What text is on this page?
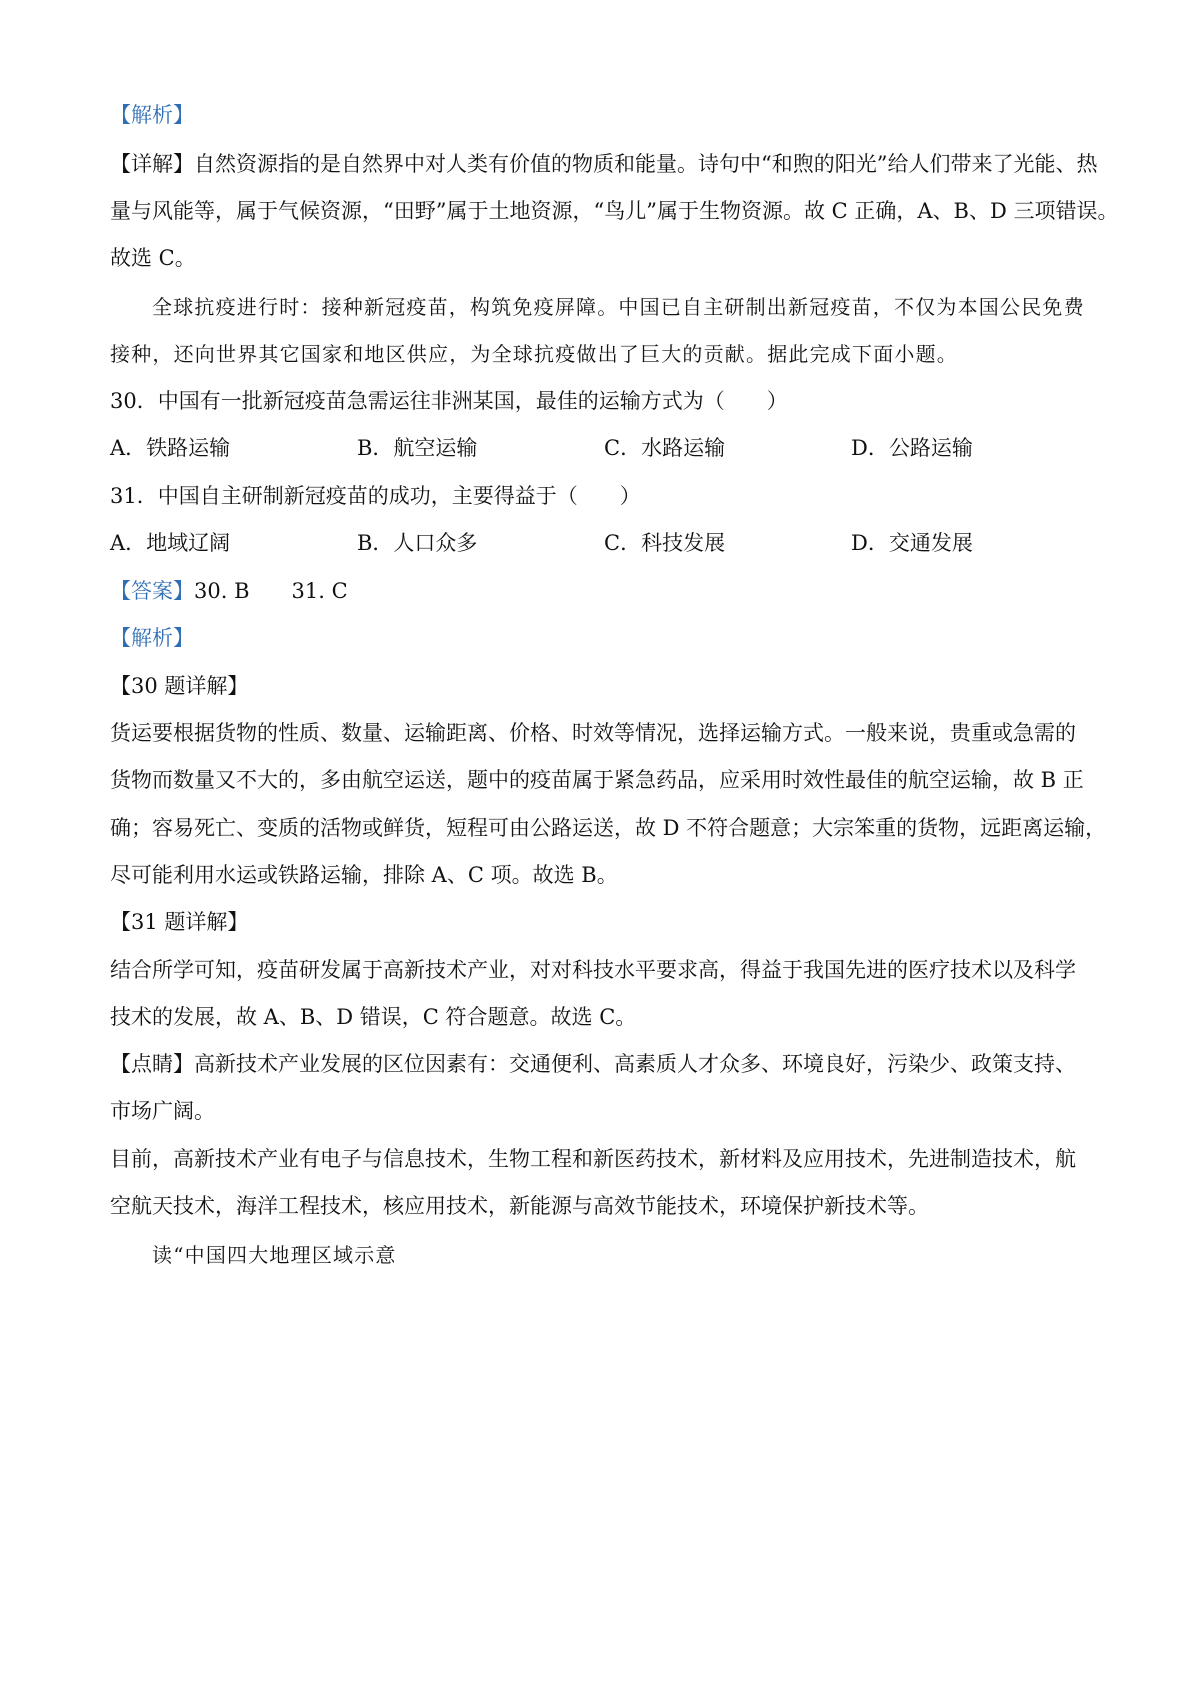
【解析】
【详解】自然资源指的是自然界中对人类有价值的物质和能量。诗句中“和煦的阳光”给人们带来了光能、热
量与风能等，属于气候资源，“田野”属于土地资源，“鸟儿”属于生物资源。故 C 正确，A、B、D 三项错误。
故选 C。
全球抗疫进行时：接种新冠疫苗，构筑免疫屏障。中国已自主研制出新冠疫苗，不仅为本国公民免费
接种，还向世界其它国家和地区供应，为全球抗疫做出了巨大的贡献。据此完成下面小题。
30．中国有一批新冠疫苗急需运往非洲某国，最佳的运输方式为（　　）
A．铁路运输	B．航空运输	C．水路运输	D．公路运输
31．中国自主研制新冠疫苗的成功，主要得益于（　　）
A．地域辽阔	B．人口众多	C．科技发展	D．交通发展
【答案】30. B　　31. C
【解析】
【30 题详解】
货运要根据货物的性质、数量、运输距离、价格、时效等情况，选择运输方式。一般来说，贵重或急需的
货物而数量又不大的，多由航空运送，题中的疫苗属于紧急药品，应采用时效性最佳的航空运输，故 B 正
确；容易死亡、变质的活物或鲜货，短程可由公路运送，故 D 不符合题意；大宗笨重的货物，远距离运输，
尽可能利用水运或铁路运输，排除 A、C 项。故选 B。
【31 题详解】
结合所学可知，疫苗研发属于高新技术产业，对对科技水平要求高，得益于我国先进的医疗技术以及科学
技术的发展，故 A、B、D 错误，C 符合题意。故选 C。
【点睛】高新技术产业发展的区位因素有：交通便利、高素质人才众多、环境良好，污染少、政策支持、
市场广阔。
目前，高新技术产业有电子与信息技术，生物工程和新医药技术，新材料及应用技术，先进制造技术，航
空航天技术，海洋工程技术，核应用技术，新能源与高效节能技术，环境保护新技术等。
读“中国四大地理区域示意
